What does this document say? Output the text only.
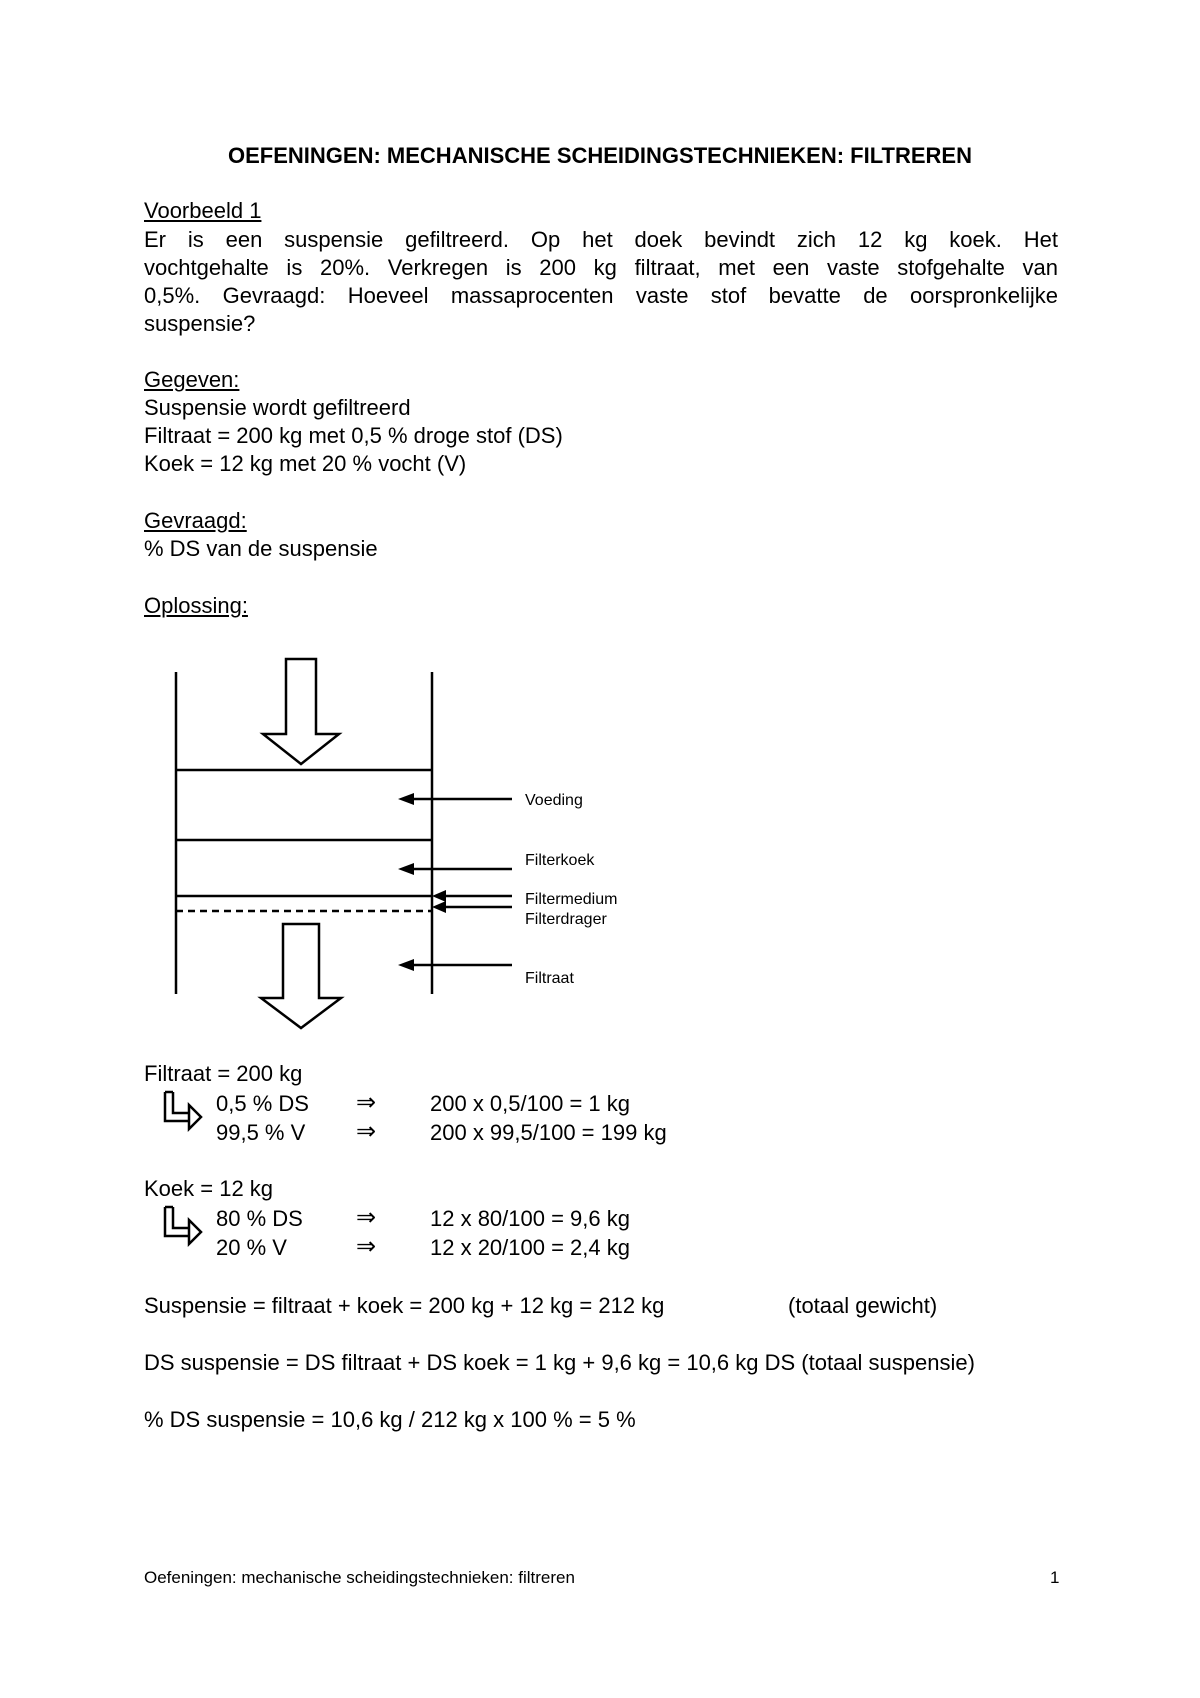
OEFENINGEN: MECHANISCHE SCHEIDINGSTECHNIEKEN: FILTREREN
Voorbeeld 1
Er is een suspensie gefiltreerd. Op het doek bevindt zich 12 kg koek. Het
vochtgehalte is 20%. Verkregen is 200 kg filtraat, met een vaste stofgehalte van
0,5%. Gevraagd: Hoeveel massaprocenten vaste stof bevatte de oorspronkelijke
suspensie?
Gegeven:
Suspensie wordt gefiltreerd
Filtraat = 200 kg met 0,5 % droge stof (DS)
Koek = 12 kg met 20 % vocht (V)
Gevraagd:
% DS van de suspensie
Oplossing:
Voeding
Filterkoek
Filtermedium
Filterdrager
Filtraat
Filtraat = 200 kg
0,5 % DS ⇒ 200 x 0,5/100 = 1 kg
99,5 % V ⇒ 200 x 99,5/100 = 199 kg
Koek = 12 kg
80 % DS ⇒ 12 x 80/100 = 9,6 kg
20 % V	⇒ 12 x 20/100 = 2,4 kg
Suspensie = filtraat + koek = 200 kg + 12 kg = 212 kg	(totaal gewicht)
DS suspensie = DS filtraat + DS koek = 1 kg + 9,6 kg = 10,6 kg DS (totaal suspensie)
% DS suspensie = 10,6 kg / 212 kg x 100 % = 5 %
Oefeningen: mechanische scheidingstechnieken: filtreren	1
